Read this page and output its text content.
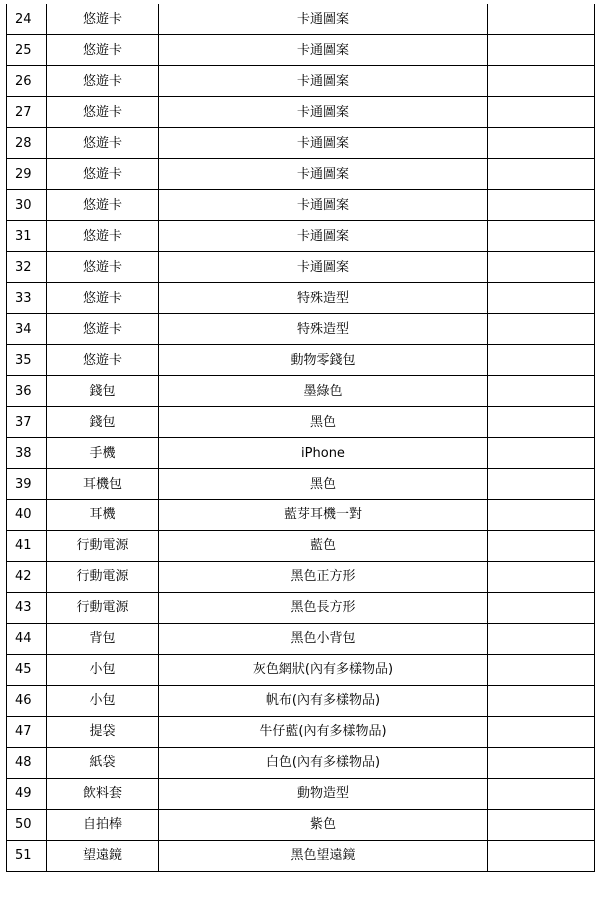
24	悠遊卡	卡通圖案	
25	悠遊卡	卡通圖案	
26	悠遊卡	卡通圖案	
27	悠遊卡	卡通圖案	
28	悠遊卡	卡通圖案	
29	悠遊卡	卡通圖案	
30	悠遊卡	卡通圖案	
31	悠遊卡	卡通圖案	
32	悠遊卡	卡通圖案	
33	悠遊卡	特殊造型	
34	悠遊卡	特殊造型	
35	悠遊卡	動物零錢包	
36	錢包	墨綠色	
37	錢包	黑色	
38	手機	iPhone	
39	耳機包	黑色	
40	耳機	藍芽耳機一對	
41	行動電源	藍色	
42	行動電源	黑色正方形	
43	行動電源	黑色長方形	
44	背包	黑色小背包	
45	小包	灰色網狀(內有多樣物品)	
46	小包	帆布(內有多樣物品)	
47	提袋	牛仔藍(內有多樣物品)	
48	紙袋	白色(內有多樣物品)	
49	飲料套	動物造型	
50	自拍棒	紫色	
51	望遠鏡	黑色望遠鏡	
